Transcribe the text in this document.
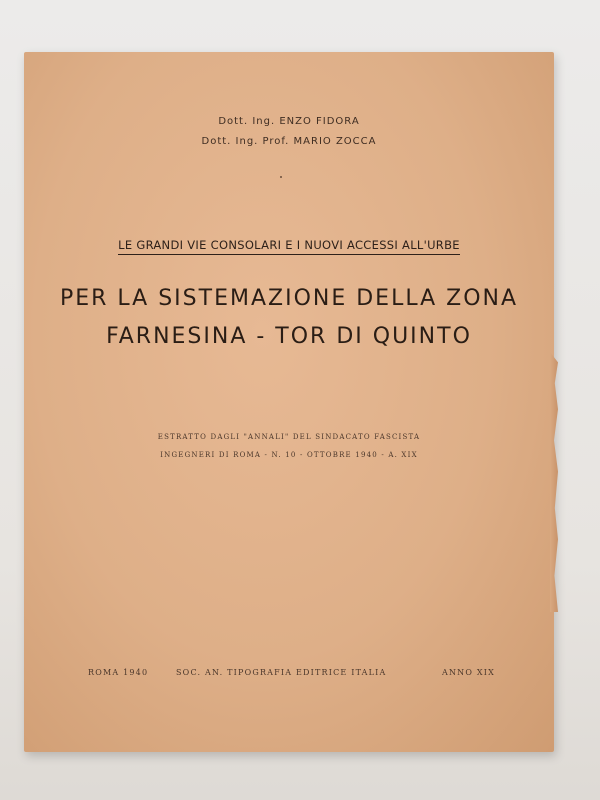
Dott. Ing. ENZO FIDORA
Dott. Ing. Prof. MARIO ZOCCA
LE GRANDI VIE CONSOLARI E I NUOVI ACCESSI ALL'URBE
PER LA SISTEMAZIONE DELLA ZONA
FARNESINA - TOR DI QUINTO
ESTRATTO DAGLI "ANNALI" DEL SINDACATO FASCISTA
INGEGNERI DI ROMA - N. 10 - OTTOBRE 1940 - A. XIX
ROMA 1940	SOC. AN. TIPOGRAFIA EDITRICE ITALIA	ANNO XIX
